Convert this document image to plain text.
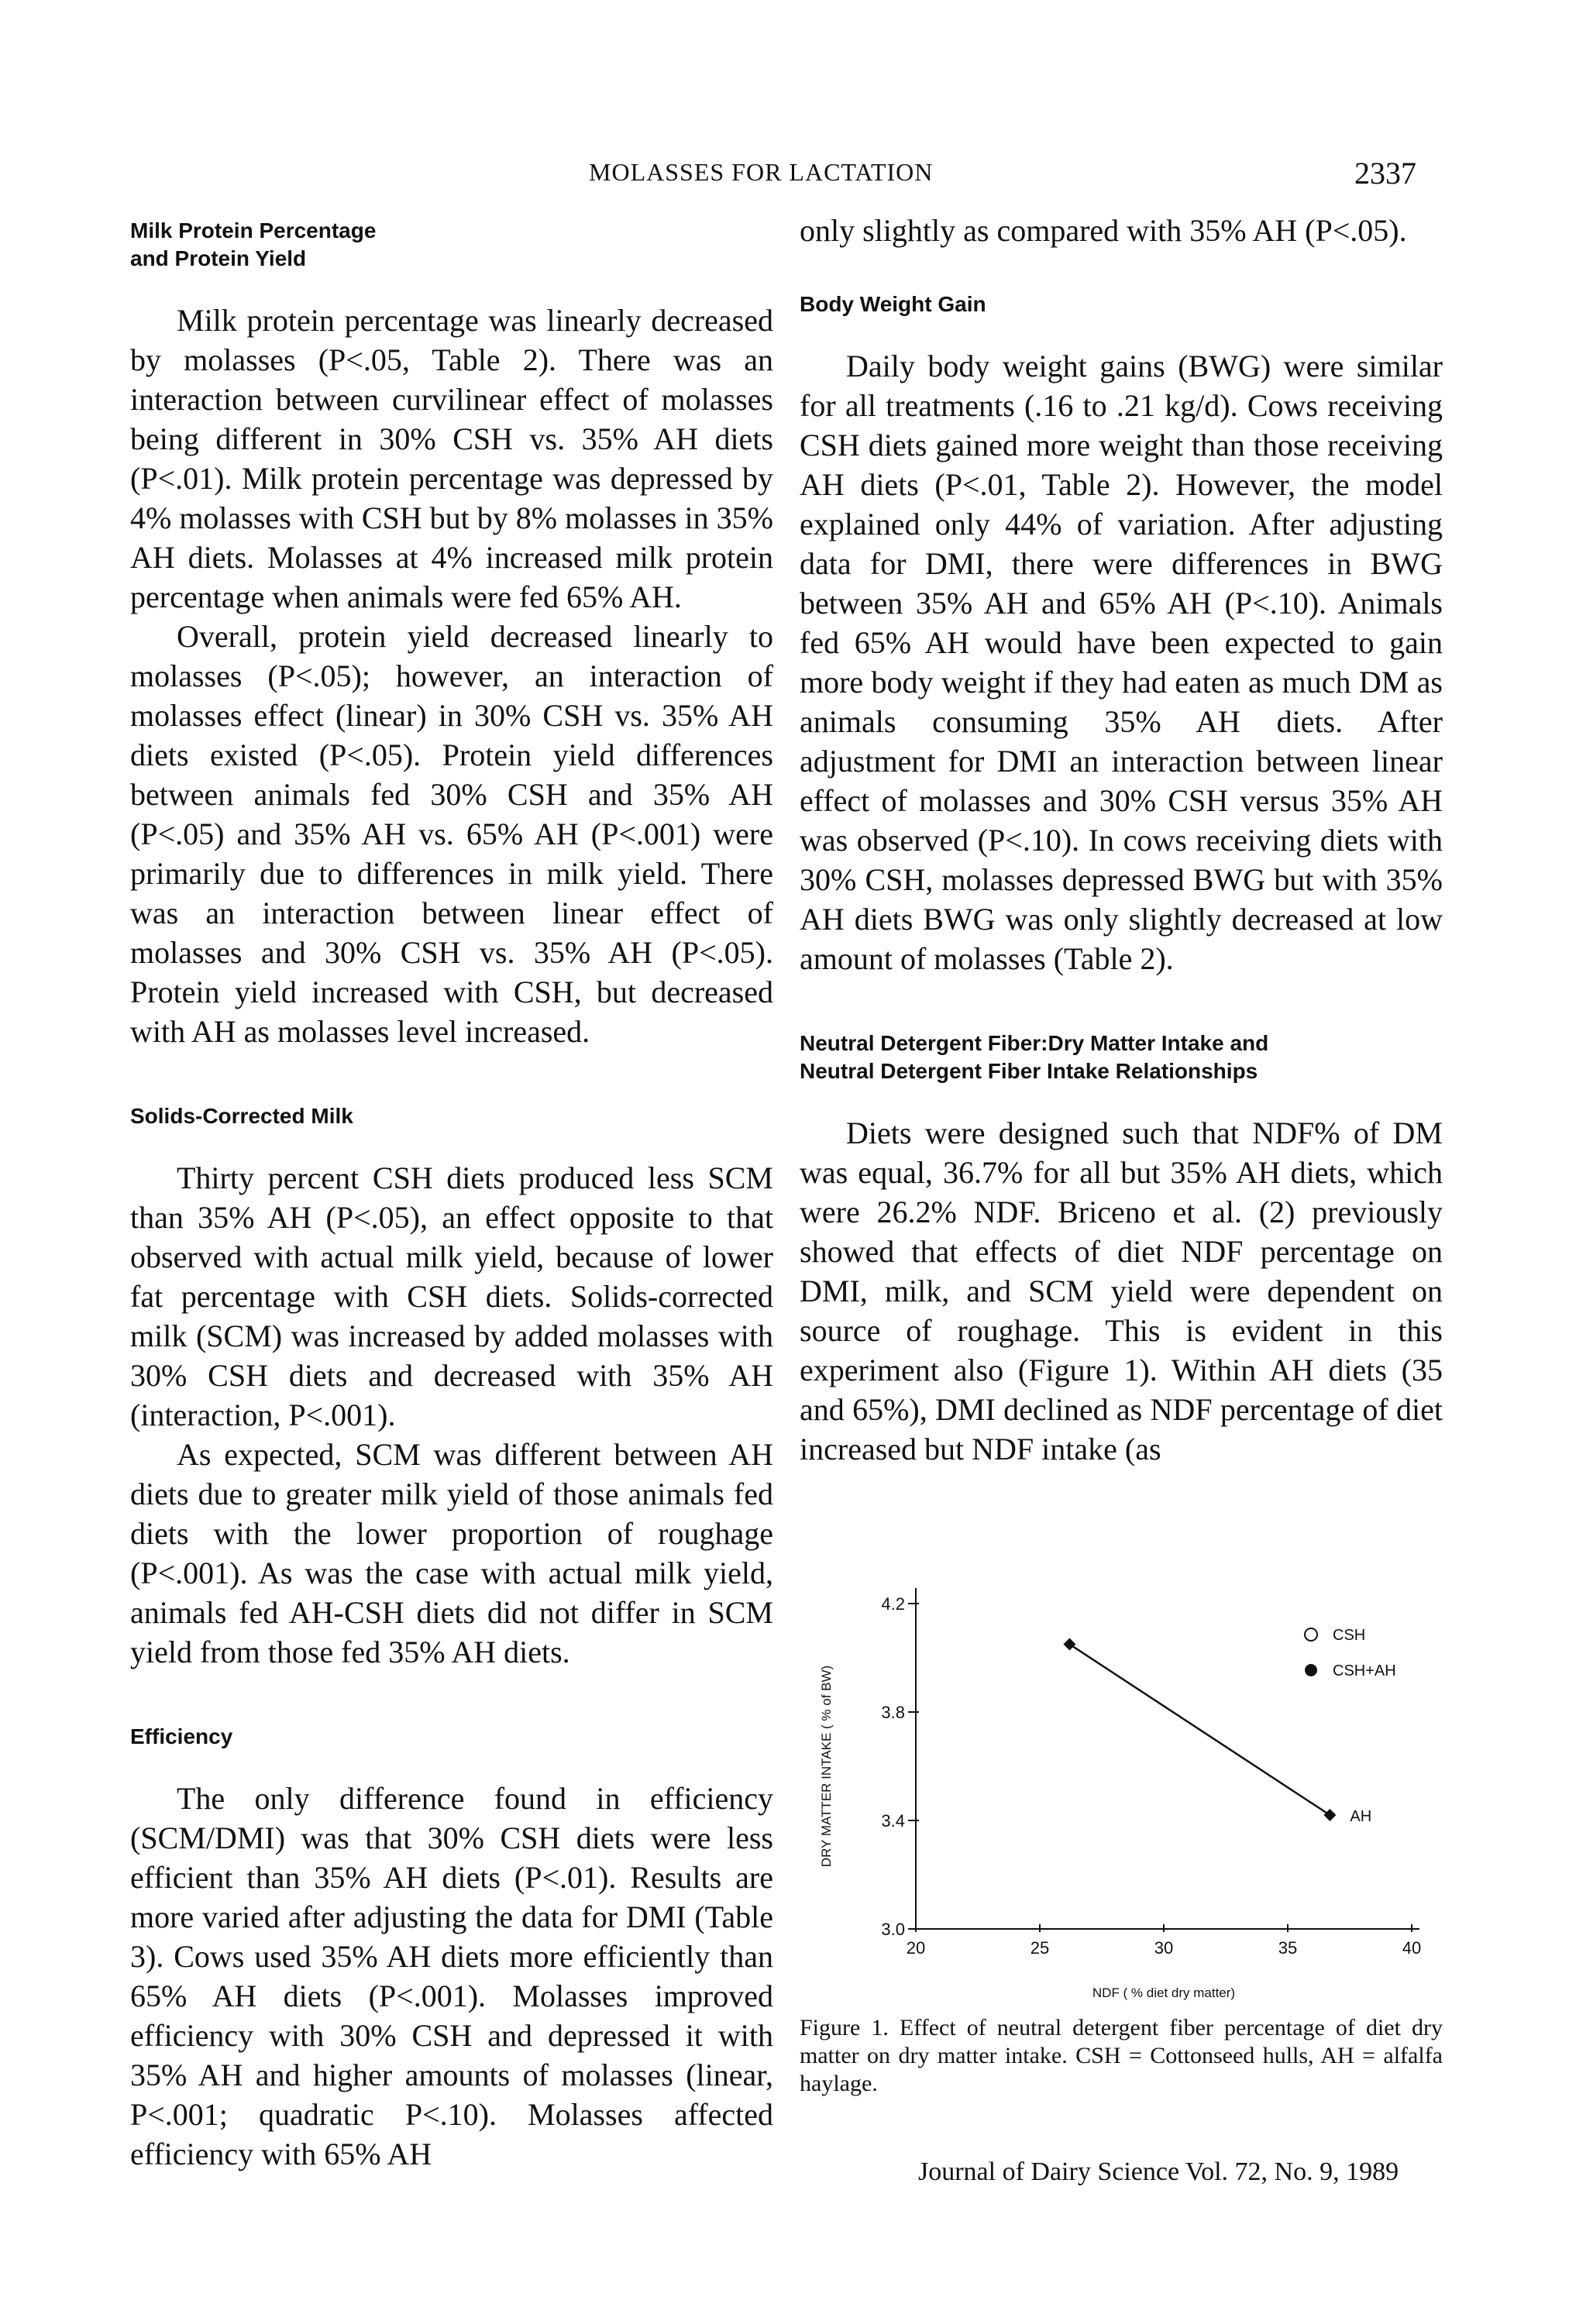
MOLASSES FOR LACTATION	2337
Milk Protein Percentage
and Protein Yield

Milk protein percentage was linearly decreased by molasses (P<.05, Table 2). There was an interaction between curvilinear effect of molasses being different in 30% CSH vs. 35% AH diets (P<.01). Milk protein percentage was depressed by 4% molasses with CSH but by 8% molasses in 35% AH diets. Molasses at 4% increased milk protein percentage when animals were fed 65% AH.

Overall, protein yield decreased linearly to molasses (P<.05); however, an interaction of molasses effect (linear) in 30% CSH vs. 35% AH diets existed (P<.05). Protein yield differences between animals fed 30% CSH and 35% AH (P<.05) and 35% AH vs. 65% AH (P<.001) were primarily due to differences in milk yield. There was an interaction between linear effect of molasses and 30% CSH vs. 35% AH (P<.05). Protein yield increased with CSH, but decreased with AH as molasses level increased.

Solids-Corrected Milk

Thirty percent CSH diets produced less SCM than 35% AH (P<.05), an effect opposite to that observed with actual milk yield, because of lower fat percentage with CSH diets. Solids-corrected milk (SCM) was increased by added molasses with 30% CSH diets and decreased with 35% AH (interaction, P<.001).

As expected, SCM was different between AH diets due to greater milk yield of those animals fed diets with the lower proportion of roughage (P<.001). As was the case with actual milk yield, animals fed AH-CSH diets did not differ in SCM yield from those fed 35% AH diets.

Efficiency

The only difference found in efficiency (SCM/DMI) was that 30% CSH diets were less efficient than 35% AH diets (P<.01). Results are more varied after adjusting the data for DMI (Table 3). Cows used 35% AH diets more efficiently than 65% AH diets (P<.001). Molasses improved efficiency with 30% CSH and depressed it with 35% AH and higher amounts of molasses (linear, P<.001; quadratic P<.10). Molasses affected efficiency with 65% AH

only slightly as compared with 35% AH (P<.05).

Body Weight Gain

Daily body weight gains (BWG) were similar for all treatments (.16 to .21 kg/d). Cows receiving CSH diets gained more weight than those receiving AH diets (P<.01, Table 2). However, the model explained only 44% of variation. After adjusting data for DMI, there were differences in BWG between 35% AH and 65% AH (P<.10). Animals fed 65% AH would have been expected to gain more body weight if they had eaten as much DM as animals consuming 35% AH diets. After adjustment for DMI an interaction between linear effect of molasses and 30% CSH versus 35% AH was observed (P<.10). In cows receiving diets with 30% CSH, molasses depressed BWG but with 35% AH diets BWG was only slightly decreased at low amount of molasses (Table 2).

Neutral Detergent Fiber:Dry Matter Intake and
Neutral Detergent Fiber Intake Relationships

Diets were designed such that NDF% of DM was equal, 36.7% for all but 35% AH diets, which were 26.2% NDF. Briceno et al. (2) previously showed that effects of diet NDF percentage on DMI, milk, and SCM yield were dependent on source of roughage. This is evident in this experiment also (Figure 1). Within AH diets (35 and 65%), DMI declined as NDF percentage of diet increased but NDF intake (as

3.0
3.4
3.8
4.2
20	25	30	35	40
NDF ( % diet dry matter)
DRY MATTER INTAKE ( % of BW)	AH
CSH
CSH+AH

Figure 1. Effect of neutral detergent fiber percentage of diet dry matter on dry matter intake. CSH = Cottonseed hulls, AH = alfalfa haylage.

Journal of Dairy Science Vol. 72, No. 9, 1989
